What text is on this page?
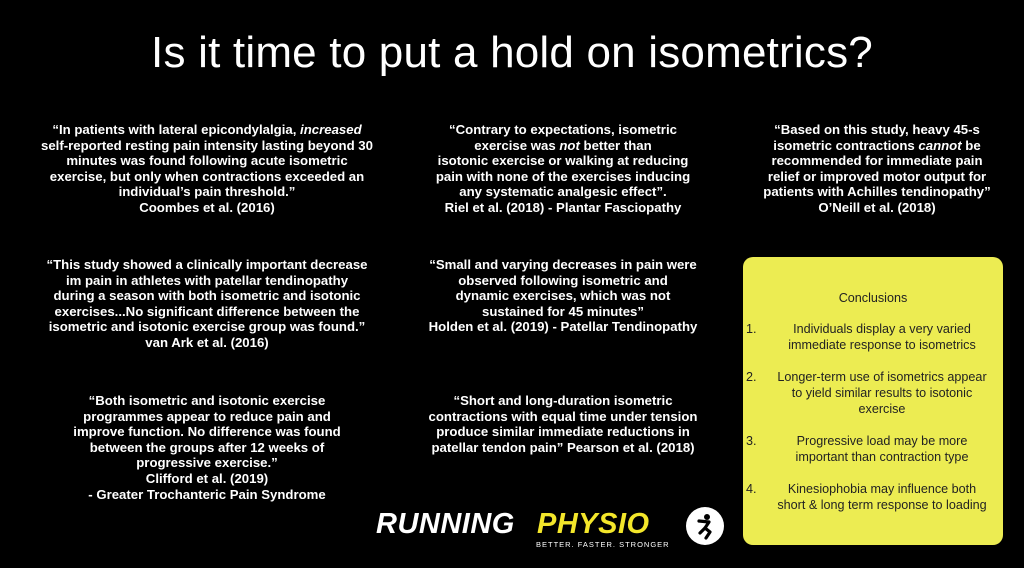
Is it time to put a hold on isometrics?

“In patients with lateral epicondylalgia, increased

self-reported resting pain intensity lasting beyond 30

minutes was found following acute isometric

exercise, but only when contractions exceeded an

individual’s pain threshold.”

Coombes et al. (2016)

“Contrary to expectations, isometric

exercise was not better than

isotonic exercise or walking at reducing

pain with none of the exercises inducing

any systematic analgesic effect”.

Riel et al. (2018) - Plantar Fasciopathy

“Based on this study, heavy 45-s

isometric contractions cannot be

recommended for immediate pain

relief or improved motor output for

patients with Achilles tendinopathy”

O’Neill et al. (2018)

“This study showed a clinically important decrease

im pain in athletes with patellar tendinopathy

during a season with both isometric and isotonic

exercises...No significant difference between the

isometric and isotonic exercise group was found.”

van Ark et al. (2016)

“Small and varying decreases in pain were

observed following isometric and

dynamic exercises, which was not

sustained for 45 minutes”

Holden et al. (2019) - Patellar Tendinopathy

“Both isometric and isotonic exercise

programmes appear to reduce pain and

improve function. No difference was found

between the groups after 12 weeks of

progressive exercise.”

Clifford et al. (2019)

- Greater Trochanteric Pain Syndrome

“Short and long-duration isometric

contractions with equal time under tension

produce similar immediate reductions in

patellar tendon pain” Pearson et al. (2018)

Conclusions
1.	Individuals display a very varied
immediate response to isometrics
2.	Longer-term use of isometrics appear
to yield similar results to isotonic
exercise
3.	Progressive load may be more
important than contraction type
4.	Kinesiophobia may influence both
short & long term response to loading
RUNNING PHYSIO
BETTER. FASTER. STRONGER
